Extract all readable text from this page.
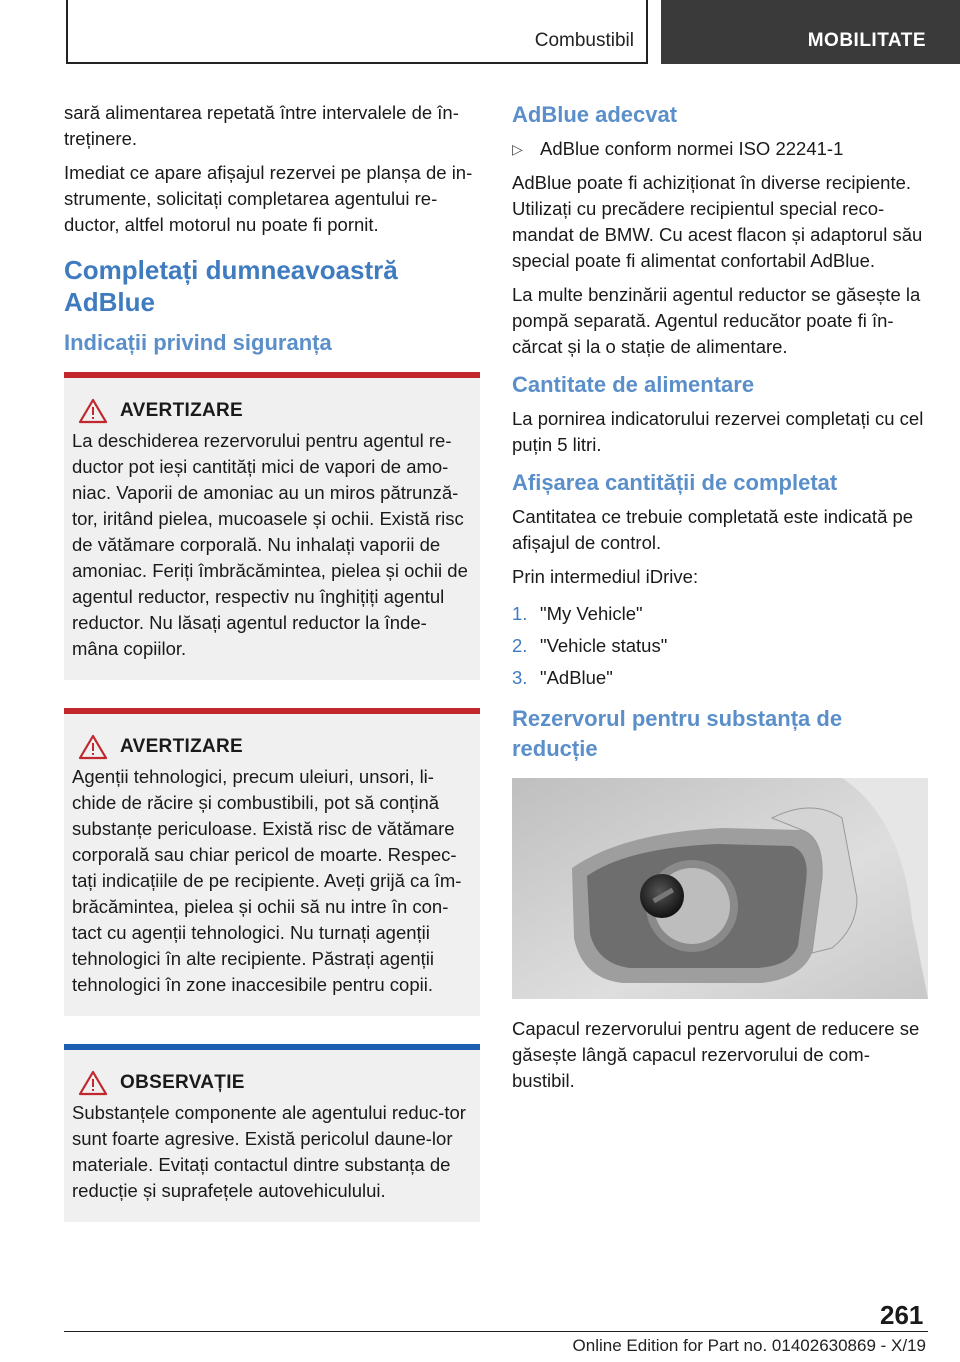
Combustibil	MOBILITATE

sară alimentarea repetată între intervalele de în-treținere.

Imediat ce apare afișajul rezervei pe planșa de in-strumente, solicitați completarea agentului re-ductor, altfel motorul nu poate fi pornit.

Completați dumneavoastră AdBlue
Indicații privind siguranța
AVERTIZARE

La deschiderea rezervorului pentru agentul re-ductor pot ieși cantități mici de vapori de amo-niac. Vaporii de amoniac au un miros pătrunză-tor, iritând pielea, mucoasele și ochii. Există risc de vătămare corporală. Nu inhalați vaporii de amoniac. Feriți îmbrăcămintea, pielea și ochii de agentul reductor, respectiv nu înghițiți agentul reductor. Nu lăsați agentul reductor la înde-mâna copiilor.

AVERTIZARE

Agenții tehnologici, precum uleiuri, unsori, li-chide de răcire și combustibili, pot să conțină substanțe periculoase. Există risc de vătămare corporală sau chiar pericol de moarte. Respec-tați indicațiile de pe recipiente. Aveți grijă ca îm-brăcămintea, pielea și ochii să nu intre în con-tact cu agenții tehnologici. Nu turnați agenții tehnologici în alte recipiente. Păstrați agenții tehnologici în zone inaccesibile pentru copii.

OBSERVAȚIE

Substanțele componente ale agentului reduc-tor sunt foarte agresive. Există pericolul daune-lor materiale. Evitați contactul dintre substanța de reducție și suprafețele autovehiculului.

AdBlue adecvat

▷ AdBlue conform normei ISO 22241-1

AdBlue poate fi achiziționat în diverse recipiente. Utilizați cu precădere recipientul special reco-mandat de BMW. Cu acest flacon și adaptorul său special poate fi alimentat confortabil AdBlue.

La multe benzinării agentul reductor se găsește la pompă separată. Agentul reducător poate fi în-cărcat și la o stație de alimentare.

Cantitate de alimentare

La pornirea indicatorului rezervei completați cu cel puțin 5 litri.

Afișarea cantității de completat

Cantitatea ce trebuie completată este indicată pe afișajul de control.

Prin intermediul iDrive:

1. "My Vehicle"
2. "Vehicle status"
3. "AdBlue"
Rezervorul pentru substanța de reducție

Capacul rezervorului pentru agent de reducere se găsește lângă capacul rezervorului de com-bustibil.

261
Online Edition for Part no. 01402630869 - X/19
